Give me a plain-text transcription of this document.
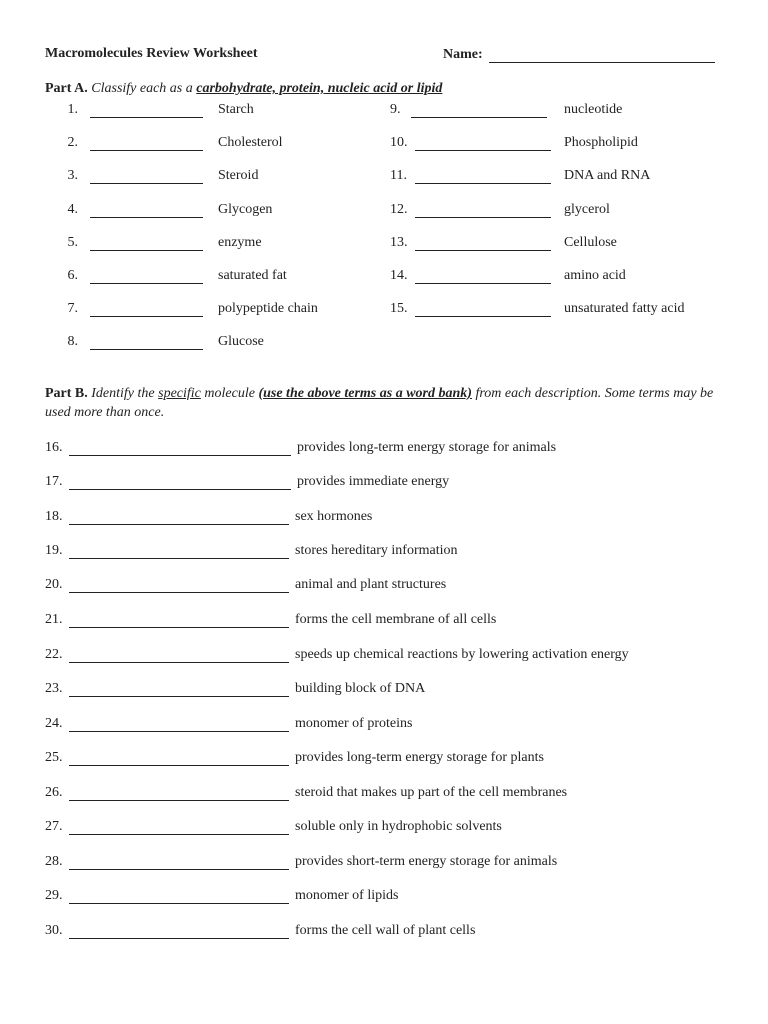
Macromolecules Review Worksheet	Name:
Part A. Classify each as a carbohydrate, protein, nucleic acid or lipid
1.	Starch
2.	Cholesterol
3.	Steroid
4.	Glycogen
5.	enzyme
6.	saturated fat
7.	polypeptide chain
8.	Glucose
9.	nucleotide
10.	Phospholipid
11.	DNA and RNA
12.	glycerol
13.	Cellulose
14.	amino acid
15.	unsaturated fatty acid
Part B. Identify the specific molecule (use the above terms as a word bank) from each description. Some terms may be used more than once.
16.	provides long-term energy storage for animals
17.	provides immediate energy
18.	sex hormones
19.	stores hereditary information
20.	animal and plant structures
21.	forms the cell membrane of all cells
22.	speeds up chemical reactions by lowering activation energy
23.	building block of DNA
24.	monomer of proteins
25.	provides long-term energy storage for plants
26.	steroid that makes up part of the cell membranes
27.	soluble only in hydrophobic solvents
28.	provides short-term energy storage for animals
29.	monomer of lipids
30.	forms the cell wall of plant cells
